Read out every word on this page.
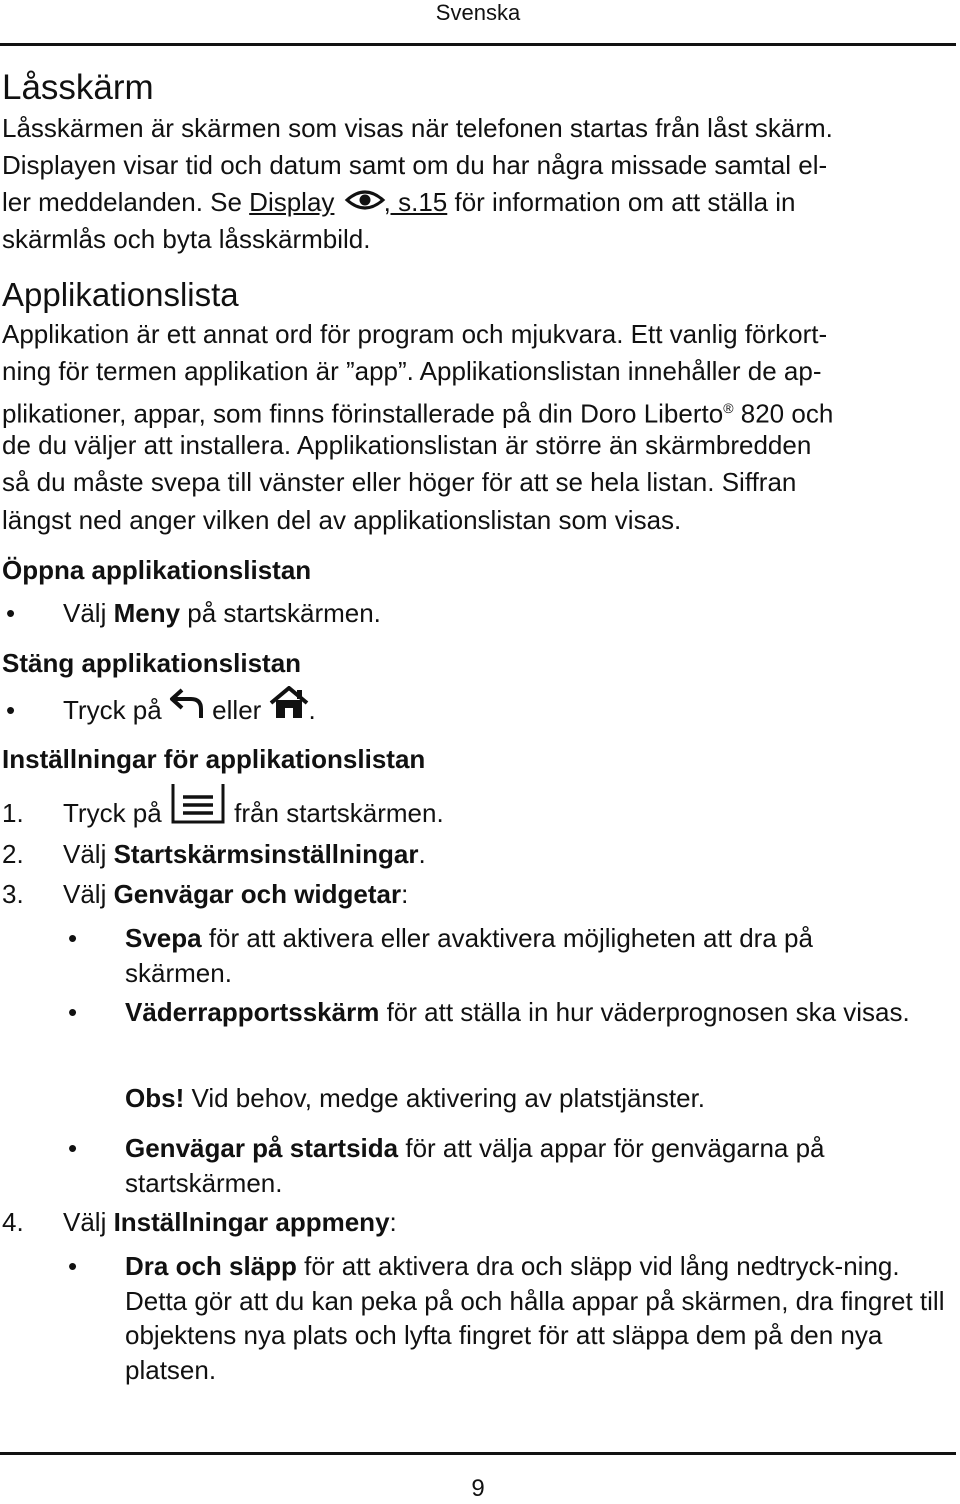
Svenska
Låsskärm
Låsskärmen är skärmen som visas när telefonen startas från låst skärm.
Displayen visar tid och datum samt om du har några missade samtal el-
ler meddelanden. Se Display , s.15 för information om att ställa in
skärmlås och byta låsskärmbild.
Applikationslista
Applikation är ett annat ord för program och mjukvara. Ett vanlig förkort-
ning för termen applikation är ”app”. Applikationslistan innehåller de ap-
plikationer, appar, som finns förinstallerade på din Doro Liberto® 820 och
de du väljer att installera. Applikationslistan är större än skärmbredden
så du måste svepa till vänster eller höger för att se hela listan. Siffran
längst ned anger vilken del av applikationslistan som visas.
Öppna applikationslistan
• Välj Meny på startskärmen.
Stäng applikationslistan
• Tryck på  eller .
Inställningar för applikationslistan
1. Tryck på  från startskärmen.
2. Välj Startskärmsinställningar.
3. Välj Genvägar och widgetar:
• Svepa för att aktivera eller avaktivera möjligheten att dra på skärmen.
• Väderrapportsskärm för att ställa in hur väderprognosen ska visas.
Obs! Vid behov, medge aktivering av platstjänster.
• Genvägar på startsida för att välja appar för genvägarna på startskärmen.
4. Välj Inställningar appmeny:
• Dra och släpp för att aktivera dra och släpp vid lång nedtryck-ning. Detta gör att du kan peka på och hålla appar på skärmen, dra fingret till objektens nya plats och lyfta fingret för att släppa dem på den nya platsen.
9
